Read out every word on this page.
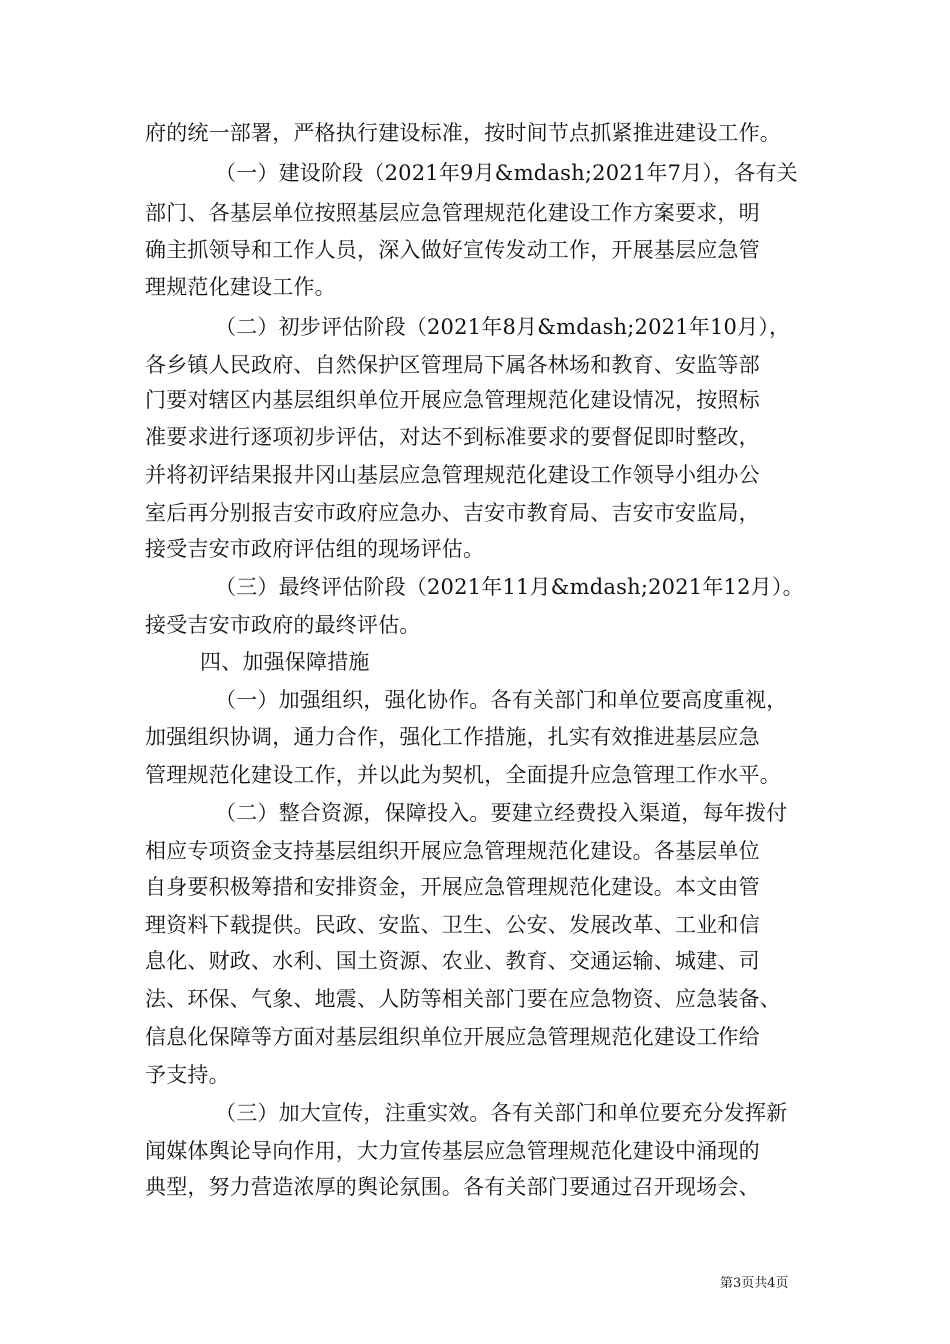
府的统一部署，严格执行建设标准，按时间节点抓紧推进建设工作。
（一）建设阶段（2021年9月&mdash;2021年7月），各有关
部门、各基层单位按照基层应急管理规范化建设工作方案要求，明
确主抓领导和工作人员，深入做好宣传发动工作，开展基层应急管
理规范化建设工作。
（二）初步评估阶段（2021年8月&mdash;2021年10月），
各乡镇人民政府、自然保护区管理局下属各林场和教育、安监等部
门要对辖区内基层组织单位开展应急管理规范化建设情况，按照标
准要求进行逐项初步评估，对达不到标准要求的要督促即时整改，
并将初评结果报井冈山基层应急管理规范化建设工作领导小组办公
室后再分别报吉安市政府应急办、吉安市教育局、吉安市安监局，
接受吉安市政府评估组的现场评估。
（三）最终评估阶段（2021年11月&mdash;2021年12月）。
接受吉安市政府的最终评估。
四、加强保障措施
（一）加强组织，强化协作。各有关部门和单位要高度重视，
加强组织协调，通力合作，强化工作措施，扎实有效推进基层应急
管理规范化建设工作，并以此为契机，全面提升应急管理工作水平。
（二）整合资源，保障投入。要建立经费投入渠道，每年拨付
相应专项资金支持基层组织开展应急管理规范化建设。各基层单位
自身要积极筹措和安排资金，开展应急管理规范化建设。本文由管
理资料下载提供。民政、安监、卫生、公安、发展改革、工业和信
息化、财政、水利、国土资源、农业、教育、交通运输、城建、司
法、环保、气象、地震、人防等相关部门要在应急物资、应急装备、
信息化保障等方面对基层组织单位开展应急管理规范化建设工作给
予支持。
（三）加大宣传，注重实效。各有关部门和单位要充分发挥新
闻媒体舆论导向作用，大力宣传基层应急管理规范化建设中涌现的
典型，努力营造浓厚的舆论氛围。各有关部门要通过召开现场会、
第3页共4页
